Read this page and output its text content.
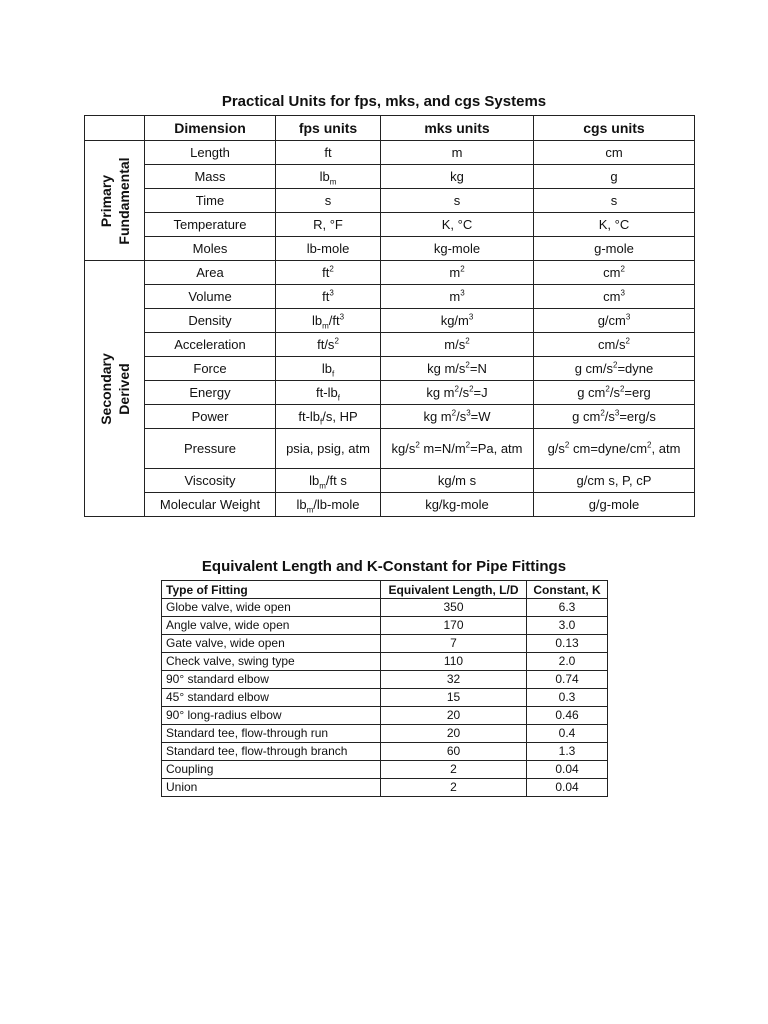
Practical Units for fps, mks, and cgs Systems
	Dimension	fps units	mks units	cgs units

Primary Fundamental	Length	ft	m	cm
	Mass	$lb_m$	kg	g
	Time	s	s	s
	Temperature	R, °F	K, °C	K, °C
	Moles	lb-mole	kg-mole	g-mole

Secondary Derived	Area	$ft^2$	$m^2$	$cm^2$
	Volume	$ft^3$	$m^3$	$cm^3$
	Density	$lb_m/ft^3$	$kg/m^3$	$g/cm^3$
	Acceleration	$ft/s^2$	$m/s^2$	$cm/s^2$
	Force	$lb_f$	kg $m/s^2=N$	g $cm/s^2=dyne$
	Energy	$ft-lb_f$	kg $m^2/s^2=J$	g $cm^2/s^2=erg$
	Power	$ft-lb_f/s$, HP	kg $m^2/s^3=W$	g $cm^2/s^3=erg/s$
	Pressure	psia, psig, atm	$kg/s^2$ $m=N/m^2=Pa$, atm	$g/s^2$ $cm=dyne/cm^2$, atm
	Viscosity	$lb_m/ft$ s	kg/m s	g/cm s, P, cP
	Molecular Weight	$lb_m/lb$-mole	kg/kg-mole	g/g-mole
Equivalent Length and K-Constant for Pipe Fittings
Type of Fitting	Equivalent Length, L/D	Constant, K
Globe valve, wide open	350	6.3
Angle valve, wide open	170	3.0
Gate valve, wide open	7	0.13
Check valve, swing type	110	2.0
90° standard elbow	32	0.74
45° standard elbow	15	0.3
90° long-radius elbow	20	0.46
Standard tee, flow-through run	20	0.4
Standard tee, flow-through branch	60	1.3
Coupling	2	0.04
Union	2	0.04
